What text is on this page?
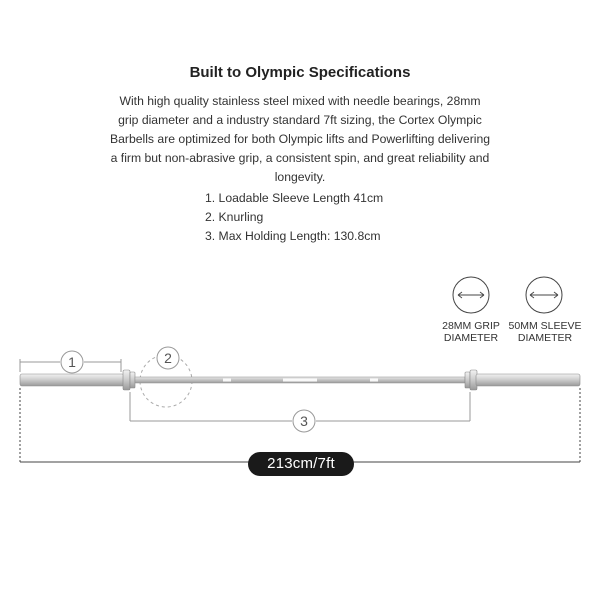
Built to Olympic Specifications
With high quality stainless steel mixed with needle bearings, 28mm grip diameter and a industry standard 7ft sizing, the Cortex Olympic Barbells are optimized for both Olympic lifts and Powerlifting delivering a firm but non-abrasive grip, a consistent spin, and great reliability and longevity.
1. Loadable Sleeve Length 41cm
2. Knurling
3. Max Holding Length: 130.8cm
1	2
3
28MM GRIP
DIAMETER
50MM SLEEVE
DIAMETER
213cm/7ft
